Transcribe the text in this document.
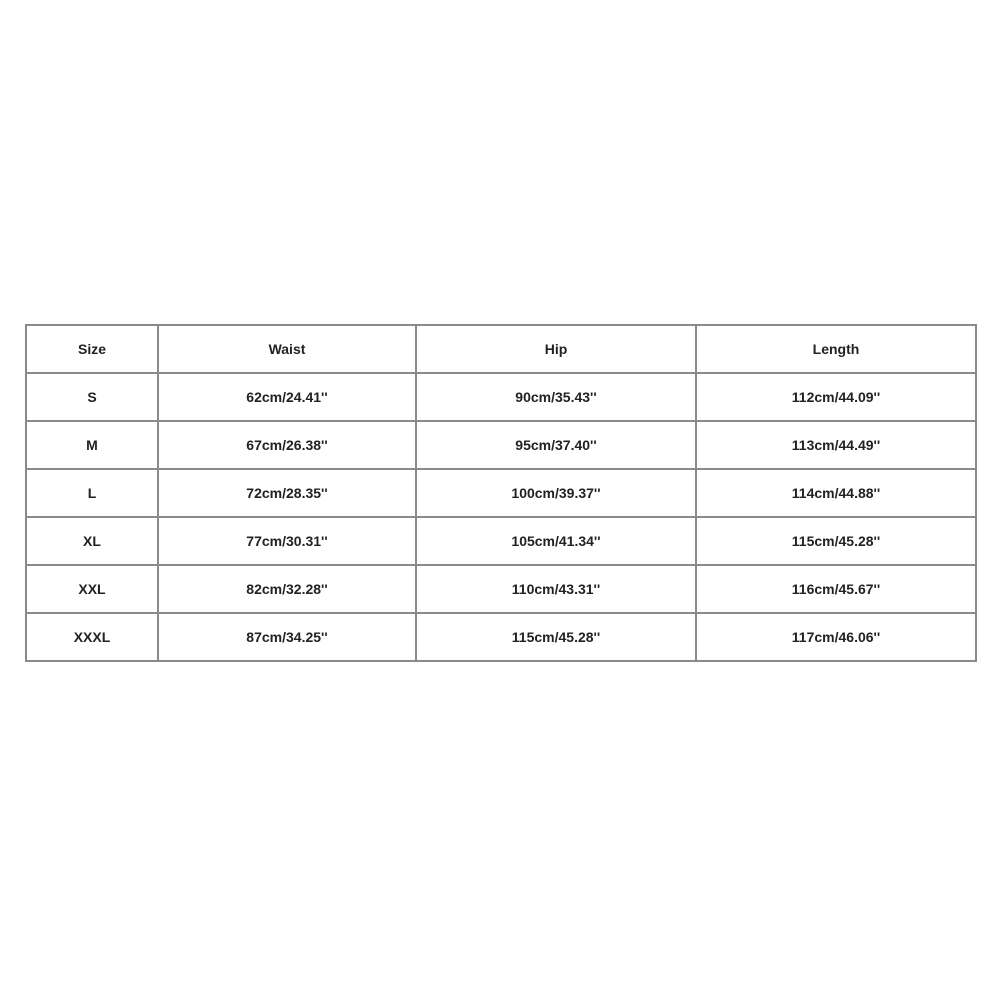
Size	Waist	Hip	Length
S	62cm/24.41''	90cm/35.43''	112cm/44.09''
M	67cm/26.38''	95cm/37.40''	113cm/44.49''
L	72cm/28.35''	100cm/39.37''	114cm/44.88''
XL	77cm/30.31''	105cm/41.34''	115cm/45.28''
XXL	82cm/32.28''	110cm/43.31''	116cm/45.67''
XXXL	87cm/34.25''	115cm/45.28''	117cm/46.06''
